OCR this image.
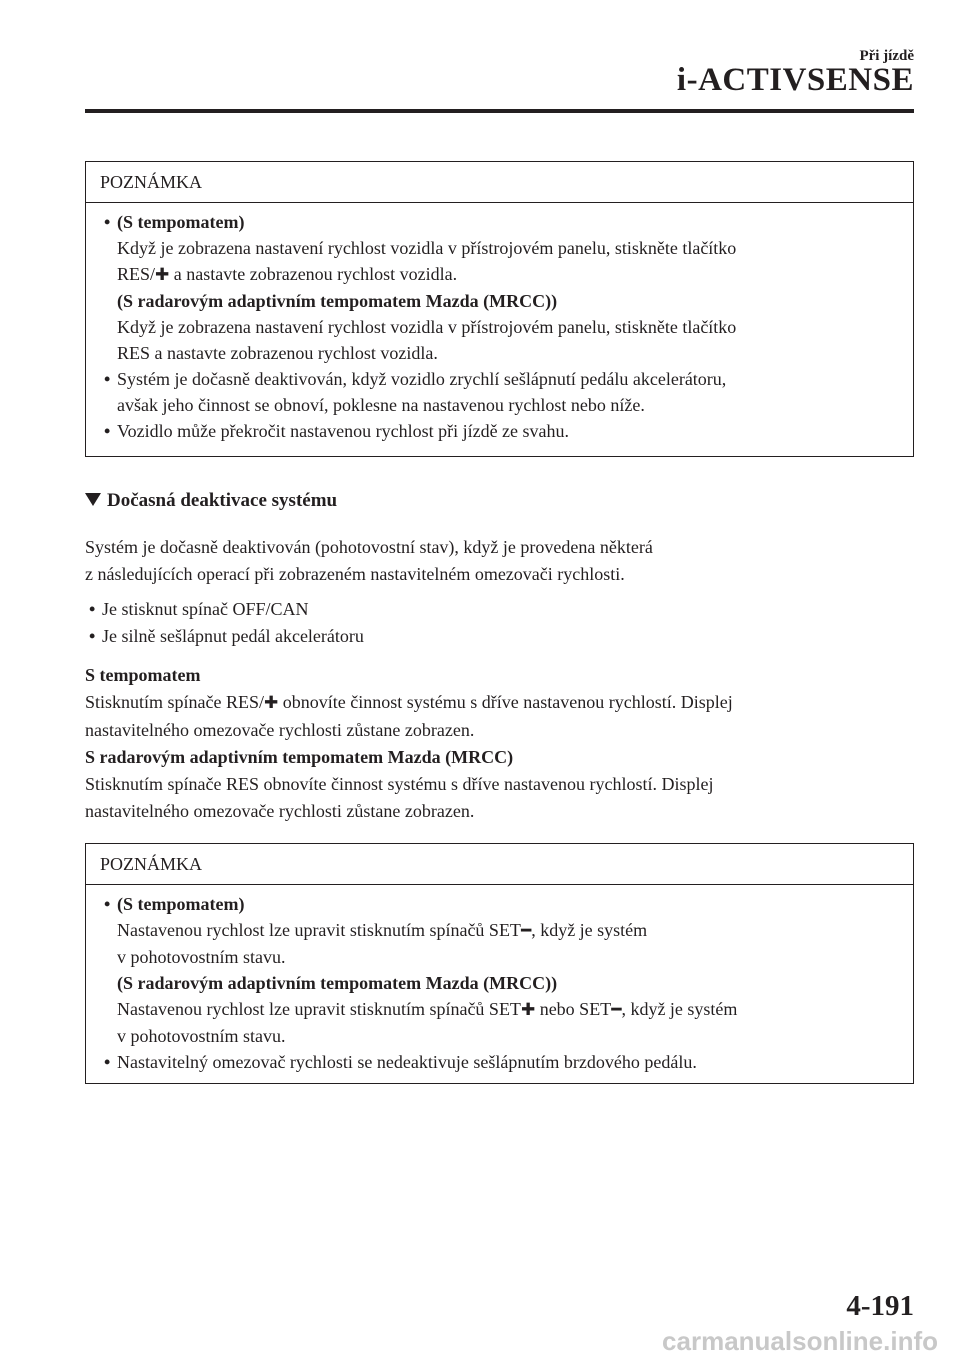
Při jízdě
i-ACTIVSENSE
POZNÁMKA
• (S tempomatem)
Když je zobrazena nastavení rychlost vozidla v přístrojovém panelu, stiskněte tlačítko
RES/✚ a nastavte zobrazenou rychlost vozidla.
(S radarovým adaptivním tempomatem Mazda (MRCC))
Když je zobrazena nastavení rychlost vozidla v přístrojovém panelu, stiskněte tlačítko
RES a nastavte zobrazenou rychlost vozidla.
• Systém je dočasně deaktivován, když vozidlo zrychlí sešlápnutí pedálu akcelerátoru,
avšak jeho činnost se obnoví, poklesne na nastavenou rychlost nebo níže.
• Vozidlo může překročit nastavenou rychlost při jízdě ze svahu.
Dočasná deaktivace systému
Systém je dočasně deaktivován (pohotovostní stav), když je provedena některá
z následujících operací při zobrazeném nastavitelném omezovači rychlosti.
• Je stisknut spínač OFF/CAN
• Je silně sešlápnut pedál akcelerátoru
S tempomatem
Stisknutím spínače RES/✚ obnovíte činnost systému s dříve nastavenou rychlostí. Displej
nastavitelného omezovače rychlosti zůstane zobrazen.
S radarovým adaptivním tempomatem Mazda (MRCC)
Stisknutím spínače RES obnovíte činnost systému s dříve nastavenou rychlostí. Displej
nastavitelného omezovače rychlosti zůstane zobrazen.
POZNÁMKA
• (S tempomatem)
Nastavenou rychlost lze upravit stisknutím spínačů SET━, když je systém
v pohotovostním stavu.
(S radarovým adaptivním tempomatem Mazda (MRCC))
Nastavenou rychlost lze upravit stisknutím spínačů SET✚ nebo SET━, když je systém
v pohotovostním stavu.
• Nastavitelný omezovač rychlosti se nedeaktivuje sešlápnutím brzdového pedálu.
4-191
carmanualsonline.info
